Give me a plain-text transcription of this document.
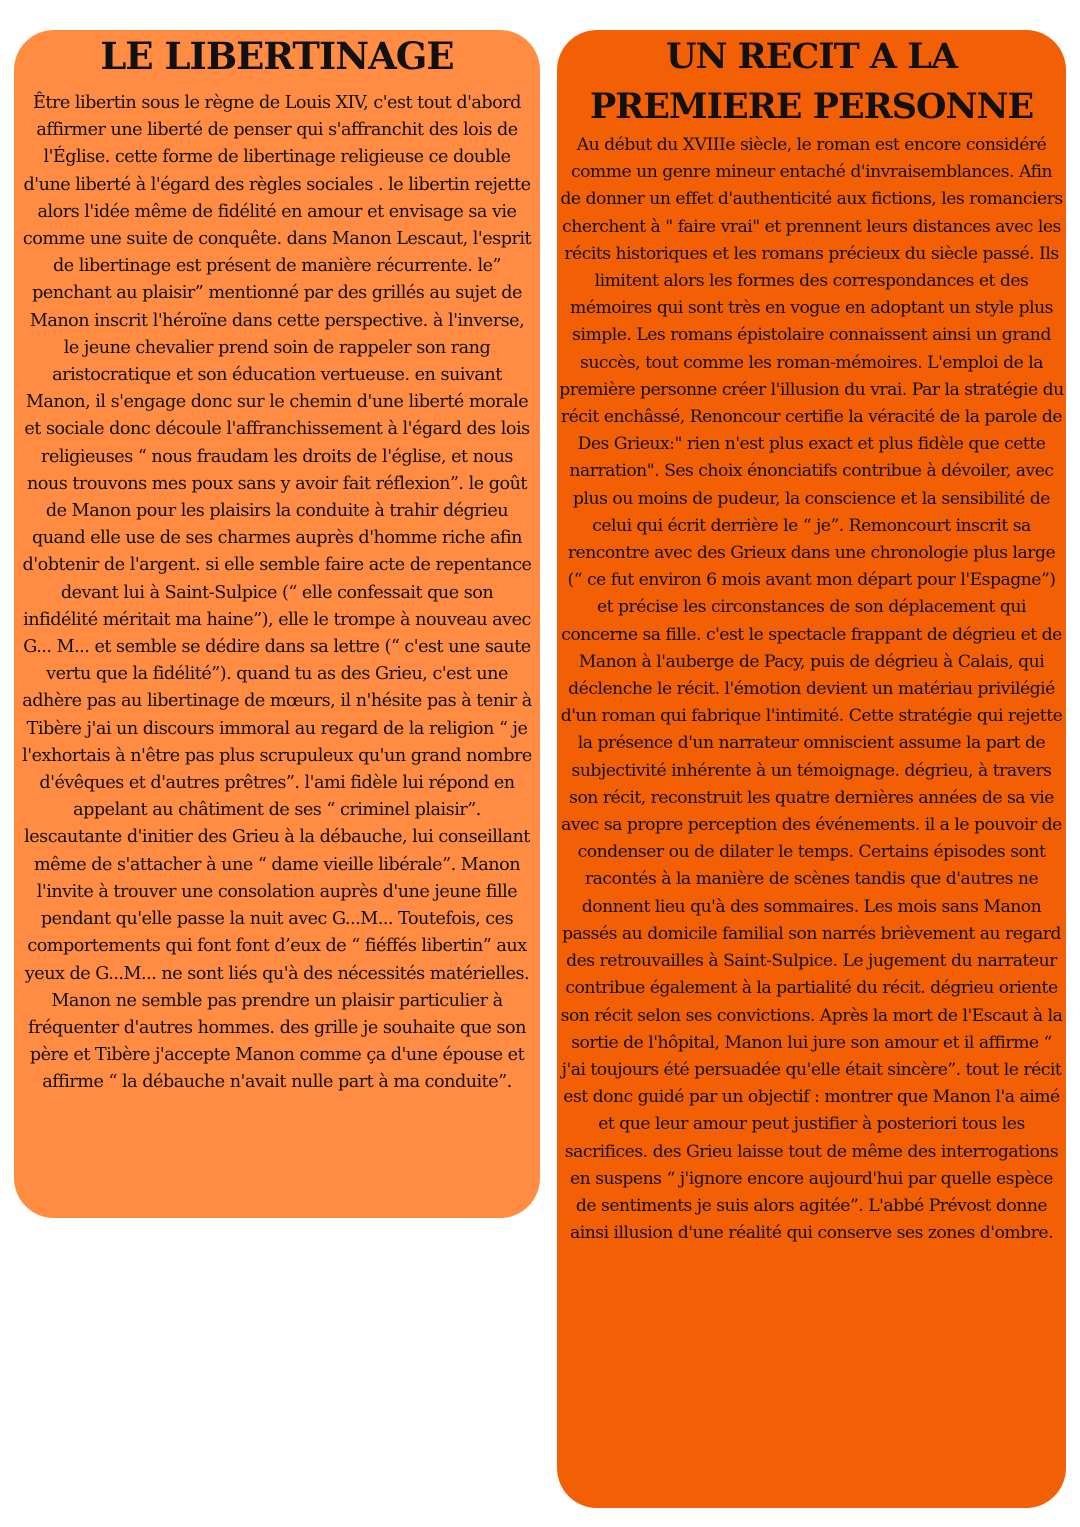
LE LIBERTINAGE

Être libertin sous le règne de Louis XIV, c'est tout d'abord affirmer une liberté de penser qui s'affranchit des lois de l'Église. cette forme de libertinage religieuse ce double d'une liberté à l'égard des règles sociales . le libertin rejette alors l'idée même de fidélité en amour et envisage sa vie comme une suite de conquête. dans Manon Lescaut, l'esprit de libertinage est présent de manière récurrente. le” penchant au plaisir” mentionné par des grillés au sujet de Manon inscrit l'héroïne dans cette perspective. à l'inverse, le jeune chevalier prend soin de rappeler son rang aristocratique et son éducation vertueuse. en suivant Manon, il s'engage donc sur le chemin d'une liberté morale et sociale donc découle l'affranchissement à l'égard des lois religieuses “ nous fraudam les droits de l'église, et nous nous trouvons mes poux sans y avoir fait réflexion”. le goût de Manon pour les plaisirs la conduite à trahir dégrieu quand elle use de ses charmes auprès d'homme riche afin d'obtenir de l'argent. si elle semble faire acte de repentance devant lui à Saint-Sulpice (“ elle confessait que son infidélité méritait ma haine”), elle le trompe à nouveau avec G... M... et semble se dédire dans sa lettre (“ c'est une saute vertu que la fidélité”). quand tu as des Grieu, c'est une adhère pas au libertinage de mœurs, il n'hésite pas à tenir à Tibère j'ai un discours immoral au regard de la religion “ je l'exhortais à n'être pas plus scrupuleux qu'un grand nombre d'évêques et d'autres prêtres”. l'ami fidèle lui répond en appelant au châtiment de ses “ criminel plaisir”. lescautante d'initier des Grieu à la débauche, lui conseillant même de s'attacher à une “ dame vieille libérale”. Manon l'invite à trouver une consolation auprès d'une jeune fille pendant qu'elle passe la nuit avec G...M... Toutefois, ces comportements qui font font d’eux de “ fiéffés libertin” aux yeux de G...M... ne sont liés qu'à des nécessités matérielles. Manon ne semble pas prendre un plaisir particulier à fréquenter d'autres hommes. des grille je souhaite que son père et Tibère j'accepte Manon comme ça d'une épouse et affirme “ la débauche n'avait nulle part à ma conduite”.

UN RECIT A LA PREMIERE PERSONNE

Au début du XVIIIe siècle, le roman est encore considéré comme un genre mineur entaché d'invraisemblances. Afin de donner un effet d'authenticité aux fictions, les romanciers cherchent à " faire vrai" et prennent leurs distances avec les récits historiques et les romans précieux du siècle passé. Ils limitent alors les formes des correspondances et des mémoires qui sont très en vogue en adoptant un style plus simple. Les romans épistolaire connaissent ainsi un grand succès, tout comme les roman-mémoires. L'emploi de la première personne créer l'illusion du vrai. Par la stratégie du récit enchâssé, Renoncour certifie la véracité de la parole de Des Grieux:" rien n'est plus exact et plus fidèle que cette narration". Ses choix énonciatifs contribue à dévoiler, avec plus ou moins de pudeur, la conscience et la sensibilité de celui qui écrit derrière le “ je”. Remoncourt inscrit sa rencontre avec des Grieux dans une chronologie plus large (“ ce fut environ 6 mois avant mon départ pour l'Espagne”) et précise les circonstances de son déplacement qui concerne sa fille. c'est le spectacle frappant de dégrieu et de Manon à l'auberge de Pacy, puis de dégrieu à Calais, qui déclenche le récit. l'émotion devient un matériau privilégié d'un roman qui fabrique l'intimité. Cette stratégie qui rejette la présence d'un narrateur omniscient assume la part de subjectivité inhérente à un témoignage. dégrieu, à travers son récit, reconstruit les quatre dernières années de sa vie avec sa propre perception des événements. il a le pouvoir de condenser ou de dilater le temps. Certains épisodes sont racontés à la manière de scènes tandis que d'autres ne donnent lieu qu'à des sommaires. Les mois sans Manon passés au domicile familial son narrés brièvement au regard des retrouvailles à Saint-Sulpice. Le jugement du narrateur contribue également à la partialité du récit. dégrieu oriente son récit selon ses convictions. Après la mort de l'Escaut à la sortie de l'hôpital, Manon lui jure son amour et il affirme “ j'ai toujours été persuadée qu'elle était sincère”. tout le récit est donc guidé par un objectif : montrer que Manon l'a aimé et que leur amour peut justifier à posteriori tous les sacrifices. des Grieu laisse tout de même des interrogations en suspens “ j'ignore encore aujourd'hui par quelle espèce de sentiments je suis alors agitée”. L'abbé Prévost donne ainsi illusion d'une réalité qui conserve ses zones d'ombre.
